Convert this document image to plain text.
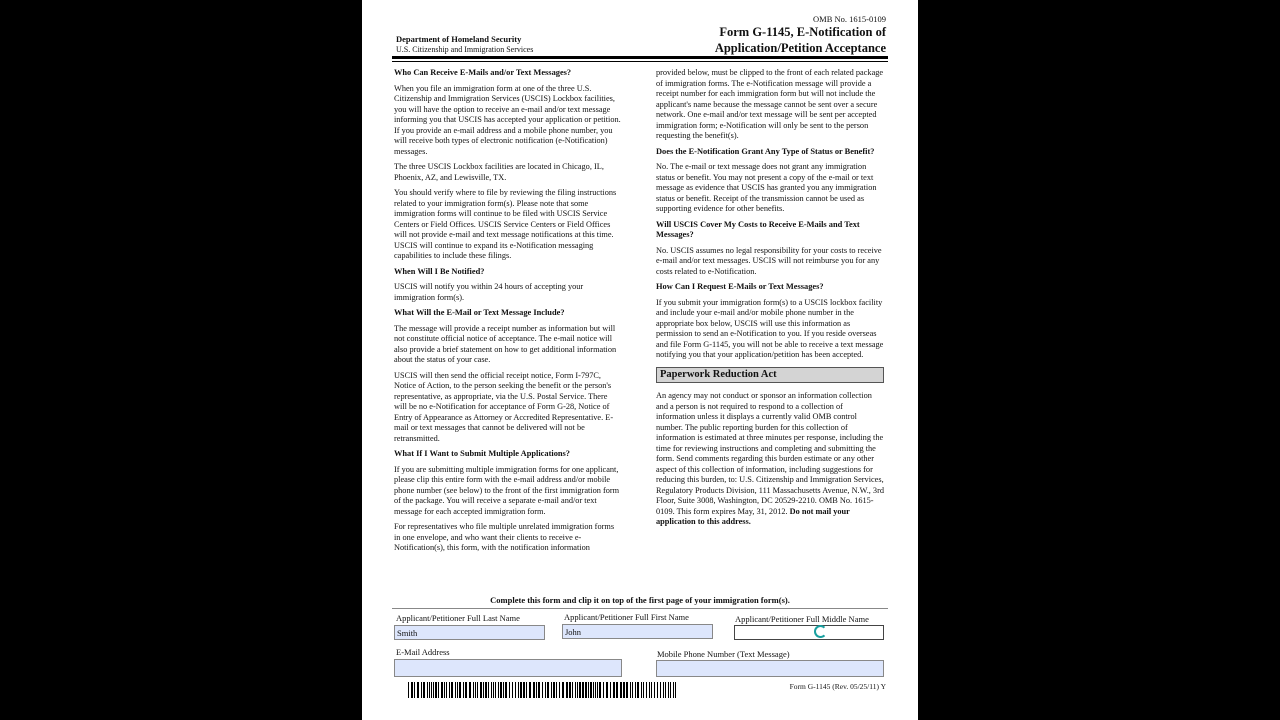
OMB No. 1615-0109
Department of Homeland Security
U.S. Citizenship and Immigration Services
Form G-1145, E-Notification of
Application/Petition Acceptance
Who Can Receive E-Mails and/or Text Messages?

When you file an immigration form at one of the three U.S. Citizenship and Immigration Services (USCIS) Lockbox facilities, you will have the option to receive an e-mail and/or text message informing you that USCIS has accepted your application or petition. If you provide an e-mail address and a mobile phone number, you will receive both types of electronic notification (e-Notification) messages.

The three USCIS Lockbox facilities are located in Chicago, IL, Phoenix, AZ, and Lewisville, TX.

You should verify where to file by reviewing the filing instructions related to your immigration form(s). Please note that some immigration forms will continue to be filed with USCIS Service Centers or Field Offices. USCIS Service Centers or Field Offices will not provide e-mail and text message notifications at this time. USCIS will continue to expand its e-Notification messaging capabilities to include these filings.

When Will I Be Notified?

USCIS will notify you within 24 hours of accepting your immigration form(s).

What Will the E-Mail or Text Message Include?

The message will provide a receipt number as information but will not constitute official notice of acceptance. The e-mail notice will also provide a brief statement on how to get additional information about the status of your case.

USCIS will then send the official receipt notice, Form I-797C, Notice of Action, to the person seeking the benefit or the person's representative, as appropriate, via the U.S. Postal Service. There will be no e-Notification for acceptance of Form G-28, Notice of Entry of Appearance as Attorney or Accredited Representative. E-mail or text messages that cannot be delivered will not be retransmitted.

What If I Want to Submit Multiple Applications?

If you are submitting multiple immigration forms for one applicant, please clip this entire form with the e-mail address and/or mobile phone number (see below) to the front of the first immigration form of the package. You will receive a separate e-mail and/or text message for each accepted immigration form.

For representatives who file multiple unrelated immigration forms in one envelope, and who want their clients to receive e-Notification(s), this form, with the notification information

provided below, must be clipped to the front of each related package of immigration forms. The e-Notification message will provide a receipt number for each immigration form but will not include the applicant's name because the message cannot be sent over a secure network. One e-mail and/or text message will be sent per accepted immigration form; e-Notification will only be sent to the person requesting the benefit(s).

Does the E-Notification Grant Any Type of Status or Benefit?

No. The e-mail or text message does not grant any immigration status or benefit. You may not present a copy of the e-mail or text message as evidence that USCIS has granted you any immigration status or benefit. Receipt of the transmission cannot be used as supporting evidence for other benefits.

Will USCIS Cover My Costs to Receive E-Mails and Text Messages?

No. USCIS assumes no legal responsibility for your costs to receive e-mail and/or text messages. USCIS will not reimburse you for any costs related to e-Notification.

How Can I Request E-Mails or Text Messages?

If you submit your immigration form(s) to a USCIS lockbox facility and include your e-mail and/or mobile phone number in the appropriate box below, USCIS will use this information as permission to send an e-Notification to you. If you reside overseas and file Form G-1145, you will not be able to receive a text message notifying you that your application/petition has been accepted.

Paperwork Reduction Act

An agency may not conduct or sponsor an information collection and a person is not required to respond to a collection of information unless it displays a currently valid OMB control number. The public reporting burden for this collection of information is estimated at three minutes per response, including the time for reviewing instructions and completing and submitting the form. Send comments regarding this burden estimate or any other aspect of this collection of information, including suggestions for reducing this burden, to: U.S. Citizenship and Immigration Services, Regulatory Products Division, 111 Massachusetts Avenue, N.W., 3rd Floor, Suite 3008, Washington, DC 20529-2210. OMB No. 1615-0109. This form expires May, 31, 2012. Do not mail your application to this address.

Complete this form and clip it on top of the first page of your immigration form(s).
Applicant/Petitioner Full Last Name
Smith
Applicant/Petitioner Full First Name
John
Applicant/Petitioner Full Middle Name
E-Mail Address	Mobile Phone Number (Text Message)
Form G-1145 (Rev. 05/25/11) Y
